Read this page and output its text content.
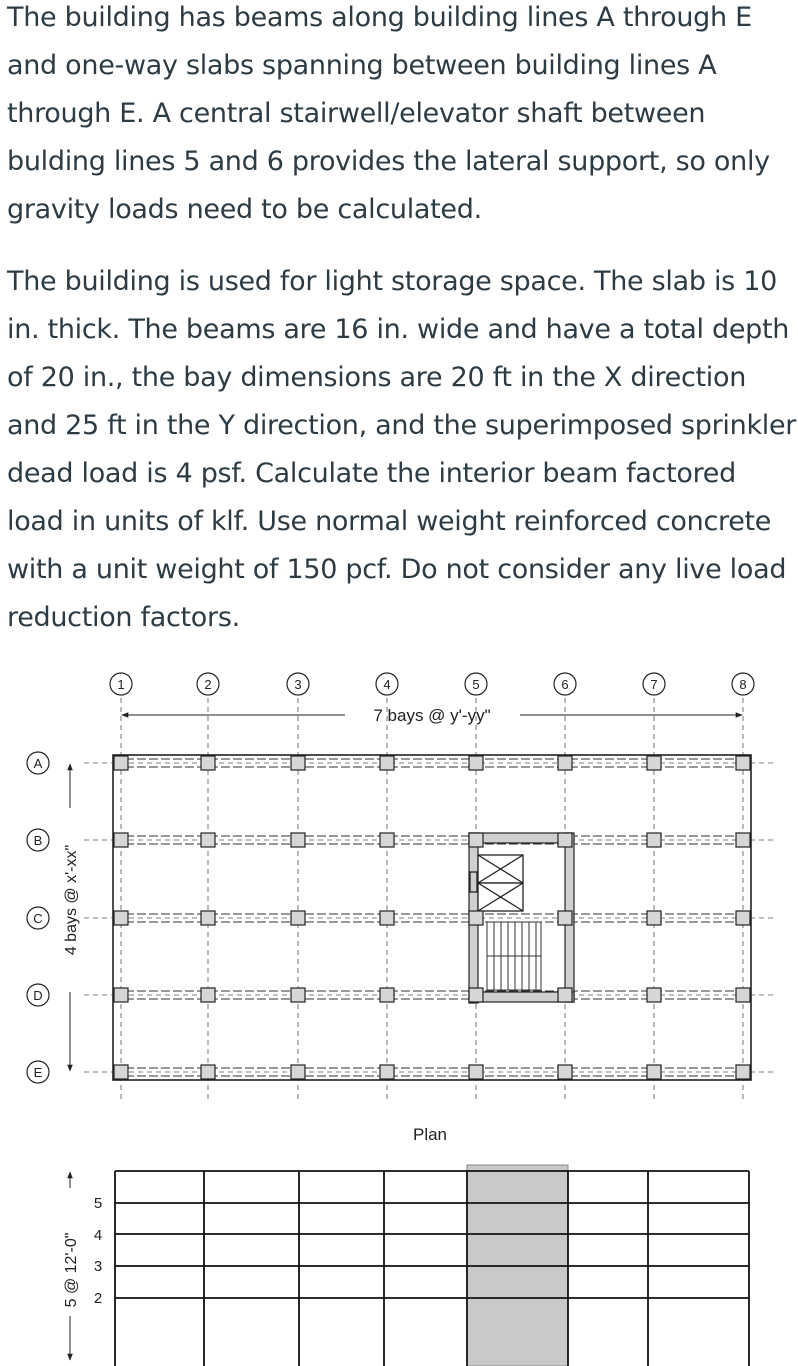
The building has beams along building lines A through E and one-way slabs spanning between building lines A through E. A central stairwell/elevator shaft between bulding lines 5 and 6 provides the lateral support, so only gravity loads need to be calculated.

The building is used for light storage space. The slab is 10 in. thick. The beams are 16 in. wide and have a total depth of 20 in., the bay dimensions are 20 ft in the X direction and 25 ft in the Y direction, and the superimposed sprinkler dead load is 4 psf. Calculate the interior beam factored load in units of klf. Use normal weight reinforced concrete with a unit weight of 150 pcf. Do not consider any live load reduction factors.

1	2	3	4	5	6	7	8
7 bays @ y'-yy"
A
B
C
D
E
4 bays @ x'-xx"
Plan
5 @ 12'-0"
5
4
3
2
